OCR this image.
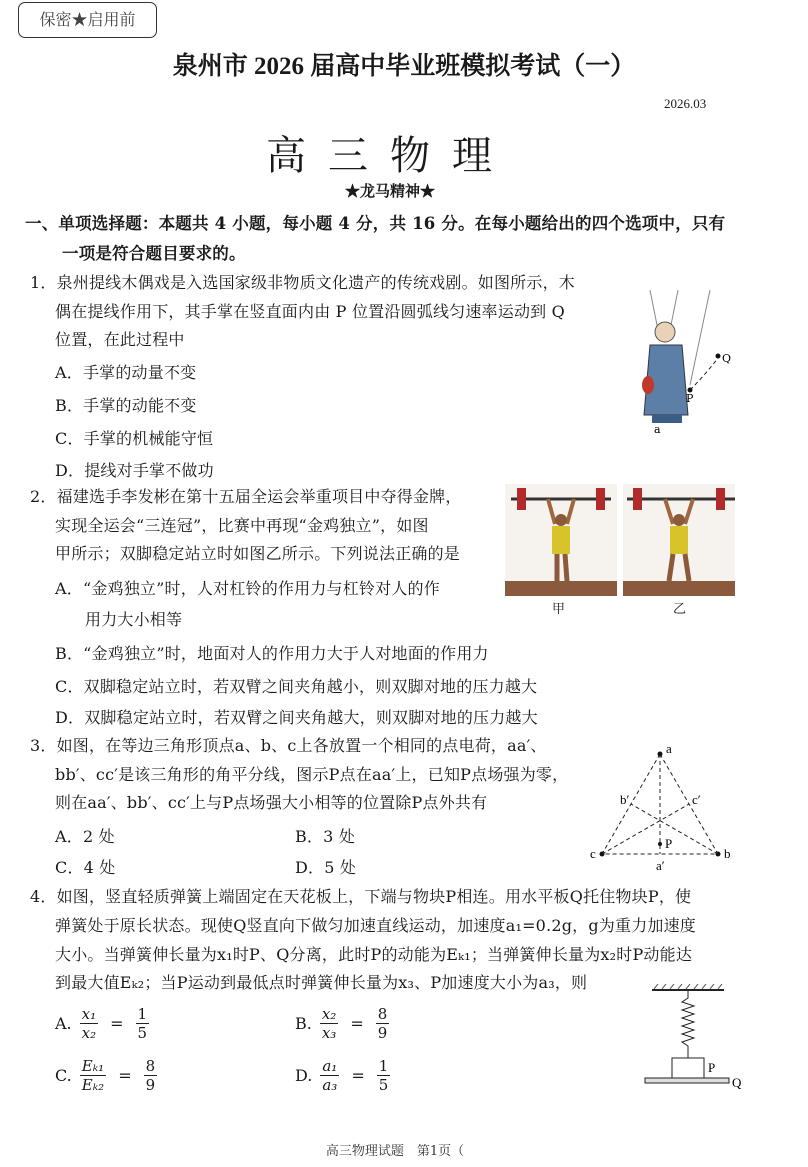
保密★启用前
泉州市 2026 届高中毕业班模拟考试（一）
2026.03
高三物理
★龙马精神★
一、单项选择题：本题共 4 小题，每小题 4 分，共 16 分。在每小题给出的四个选项中，只有
一项是符合题目要求的。
1．泉州提线木偶戏是入选国家级非物质文化遗产的传统戏剧。如图所示，木
偶在提线作用下，其手掌在竖直面内由 P 位置沿圆弧线匀速率运动到 Q
位置，在此过程中
A．手掌的动量不变
B．手掌的动能不变
C．手掌的机械能守恒
D．提线对手掌不做功
Q
P
a
2．福建选手李发彬在第十五届全运会举重项目中夺得金牌，
实现全运会“三连冠”，比赛中再现“金鸡独立”，如图
甲所示；双脚稳定站立时如图乙所示。下列说法正确的是
A．“金鸡独立”时，人对杠铃的作用力与杠铃对人的作
用力大小相等
B．“金鸡独立”时，地面对人的作用力大于人对地面的作用力
C．双脚稳定站立时，若双臂之间夹角越小，则双脚对地的压力越大
D．双脚稳定站立时，若双臂之间夹角越大，则双脚对地的压力越大
甲	乙
3．如图，在等边三角形顶点a、b、c上各放置一个相同的点电荷，aa′、
bb′、cc′是该三角形的角平分线，图示P点在aa′上，已知P点场强为零，
则在aa′、bb′、cc′上与P点场强大小相等的位置除P点外共有
A．2 处	B．3 处
C．4 处	D．5 处
a
b
c
a′
b′	c′
P
4．如图，竖直轻质弹簧上端固定在天花板上，下端与物块P相连。用水平板Q托住物块P，使
弹簧处于原长状态。现使Q竖直向下做匀加速直线运动，加速度a₁=0.2g，g为重力加速度
大小。当弹簧伸长量为x₁时P、Q分离，此时P的动能为Eₖ₁；当弹簧伸长量为x₂时P动能达
到最大值Eₖ₂；当P运动到最低点时弹簧伸长量为x₃、P加速度大小为a₃，则
A. $\frac{\text{x₁}}{\text{x₂}} = \frac{1}{5}$	B. $\frac{\text{x₂}}{\text{x₃}} = \frac{8}{9}$
C. $\frac{\text{Eₖ₁}}{\text{Eₖ₂}} = \frac{8}{9}$	D. $\frac{\text{a₁}}{\text{a₃}} = \frac{1}{5}$	P
Q
高三物理试题　第1页（
